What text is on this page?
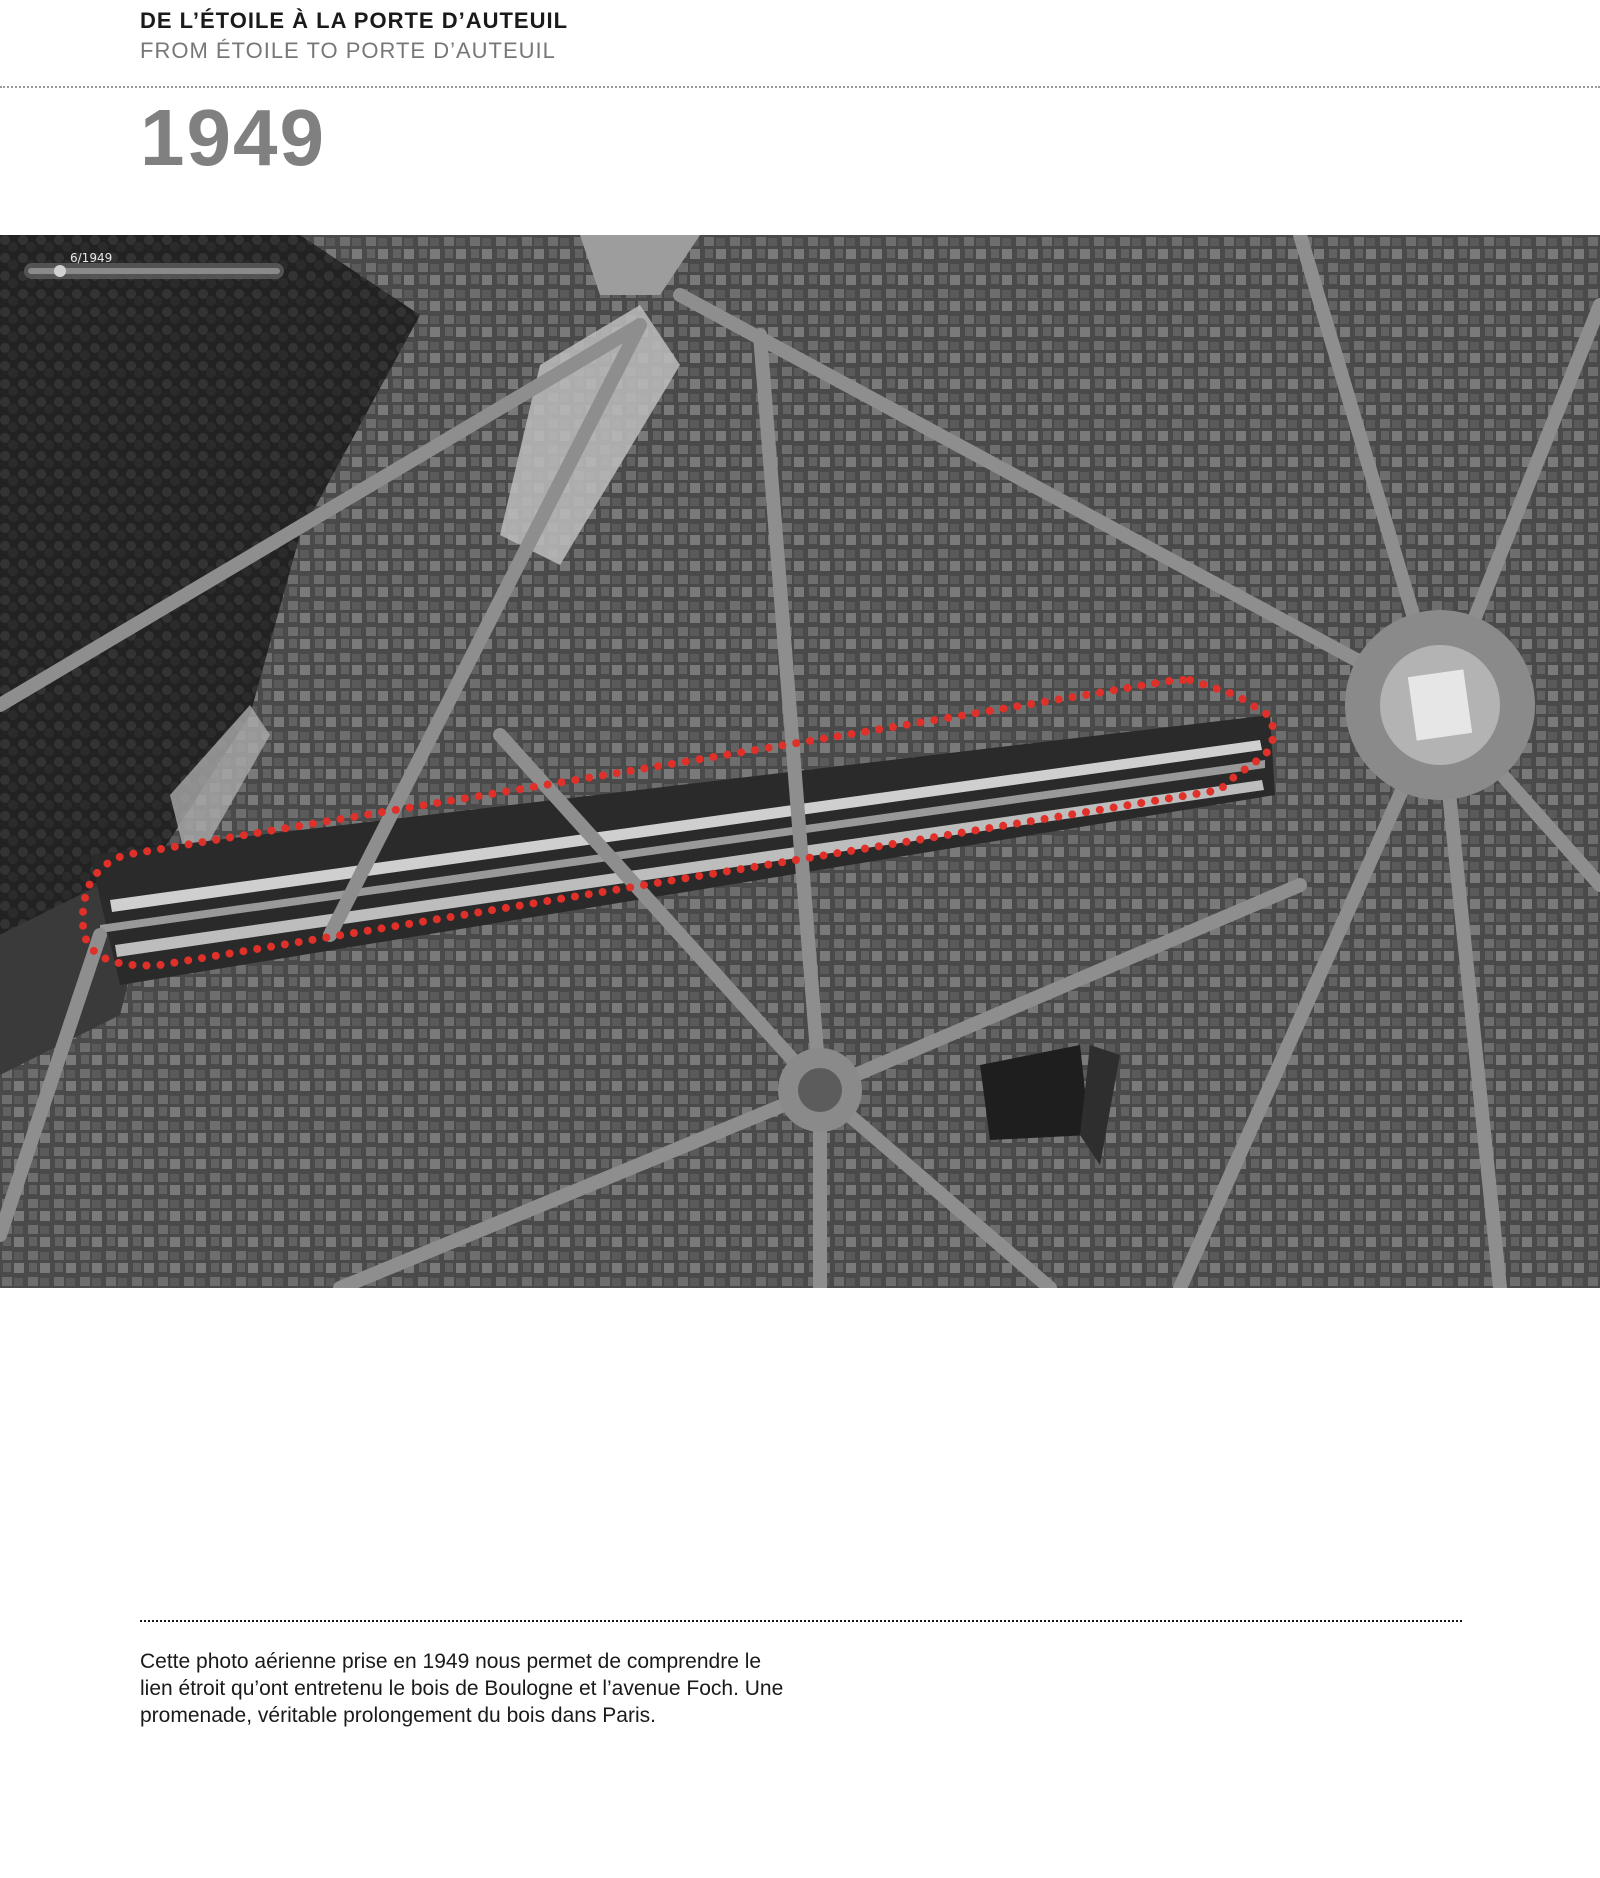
DE L’ÉTOILE À LA PORTE D’AUTEUIL
FROM ÉTOILE TO PORTE D’AUTEUIL
1949
6/1949
Cette photo aérienne prise en 1949 nous permet de comprendre le lien étroit qu’ont entretenu le bois de Boulogne et l’avenue Foch. Une promenade, véritable prolongement du bois dans Paris.
